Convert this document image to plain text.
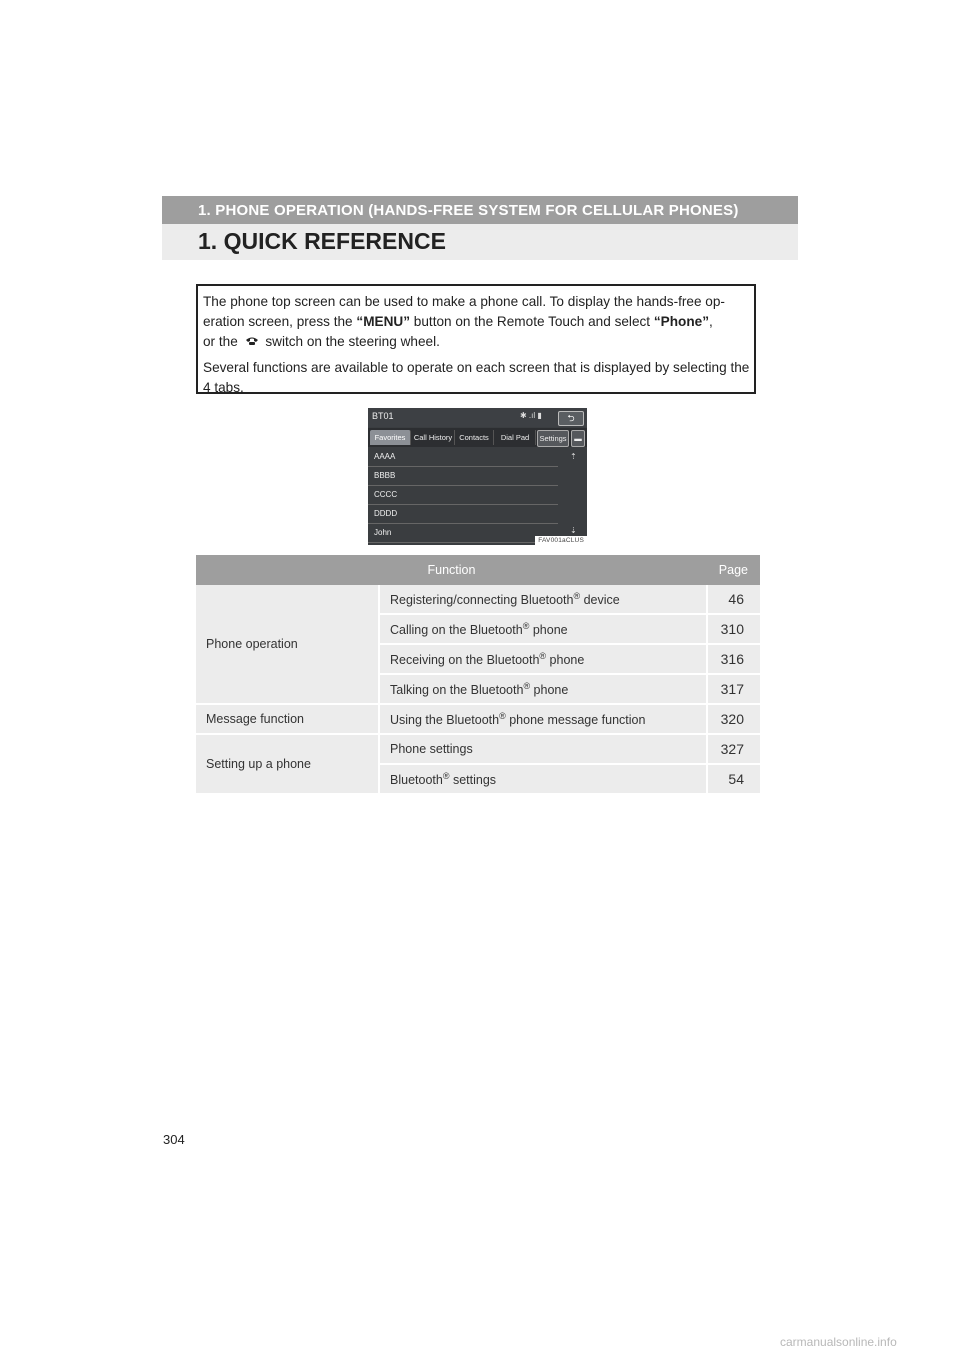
1. PHONE OPERATION (HANDS-FREE SYSTEM FOR CELLULAR PHONES)
1. QUICK REFERENCE

The phone top screen can be used to make a phone call. To display the hands-free op-eration screen, press the “MENU” button on the Remote Touch and select “Phone”,
or the switch on the steering wheel.

Several functions are available to operate on each screen that is displayed by selecting the 4 tabs.

BT01	✱ .ıl ▮	⮌
Favorites	Call History Contacts	Dial Pad	Settings	▬
AAAA
BBBB
CCCC
DDDD
John
⇡
⇣
FAV001aCLUS
Function		Page
Phone operation	Registering/connecting Bluetooth® device	46
	Calling on the Bluetooth® phone	310
	Receiving on the Bluetooth® phone	316
	Talking on the Bluetooth® phone	317
Message function	Using the Bluetooth® phone message function	320
Setting up a phone	Phone settings	327
	Bluetooth® settings	54
304
carmanualsonline.info
